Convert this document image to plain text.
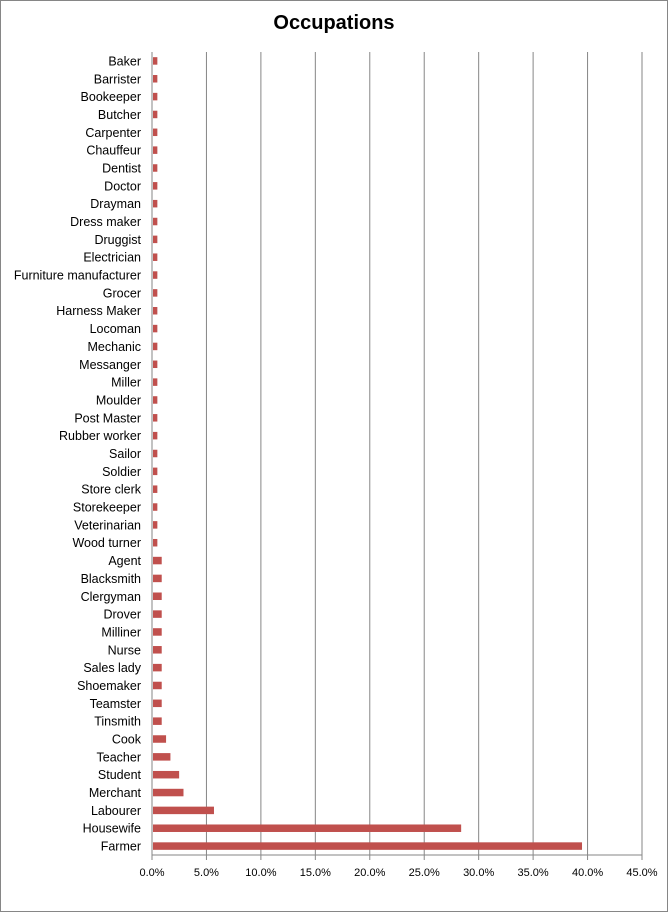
Occupations
Baker
Barrister
Bookeeper
Butcher
Carpenter
Chauffeur
Dentist
Doctor
Drayman
Dress maker
Druggist
Electrician
Furniture manufacturer
Grocer
Harness Maker
Locoman
Mechanic
Messanger
Miller
Moulder
Post Master
Rubber worker
Sailor
Soldier
Store clerk
Storekeeper
Veterinarian
Wood turner
Agent
Blacksmith
Clergyman
Drover
Milliner
Nurse
Sales lady
Shoemaker
Teamster
Tinsmith
Cook
Teacher
Student
Merchant
Labourer
Housewife
Farmer
0.0%	5.0% 10.0% 15.0% 20.0% 25.0% 30.0% 35.0% 40.0% 45.0%
